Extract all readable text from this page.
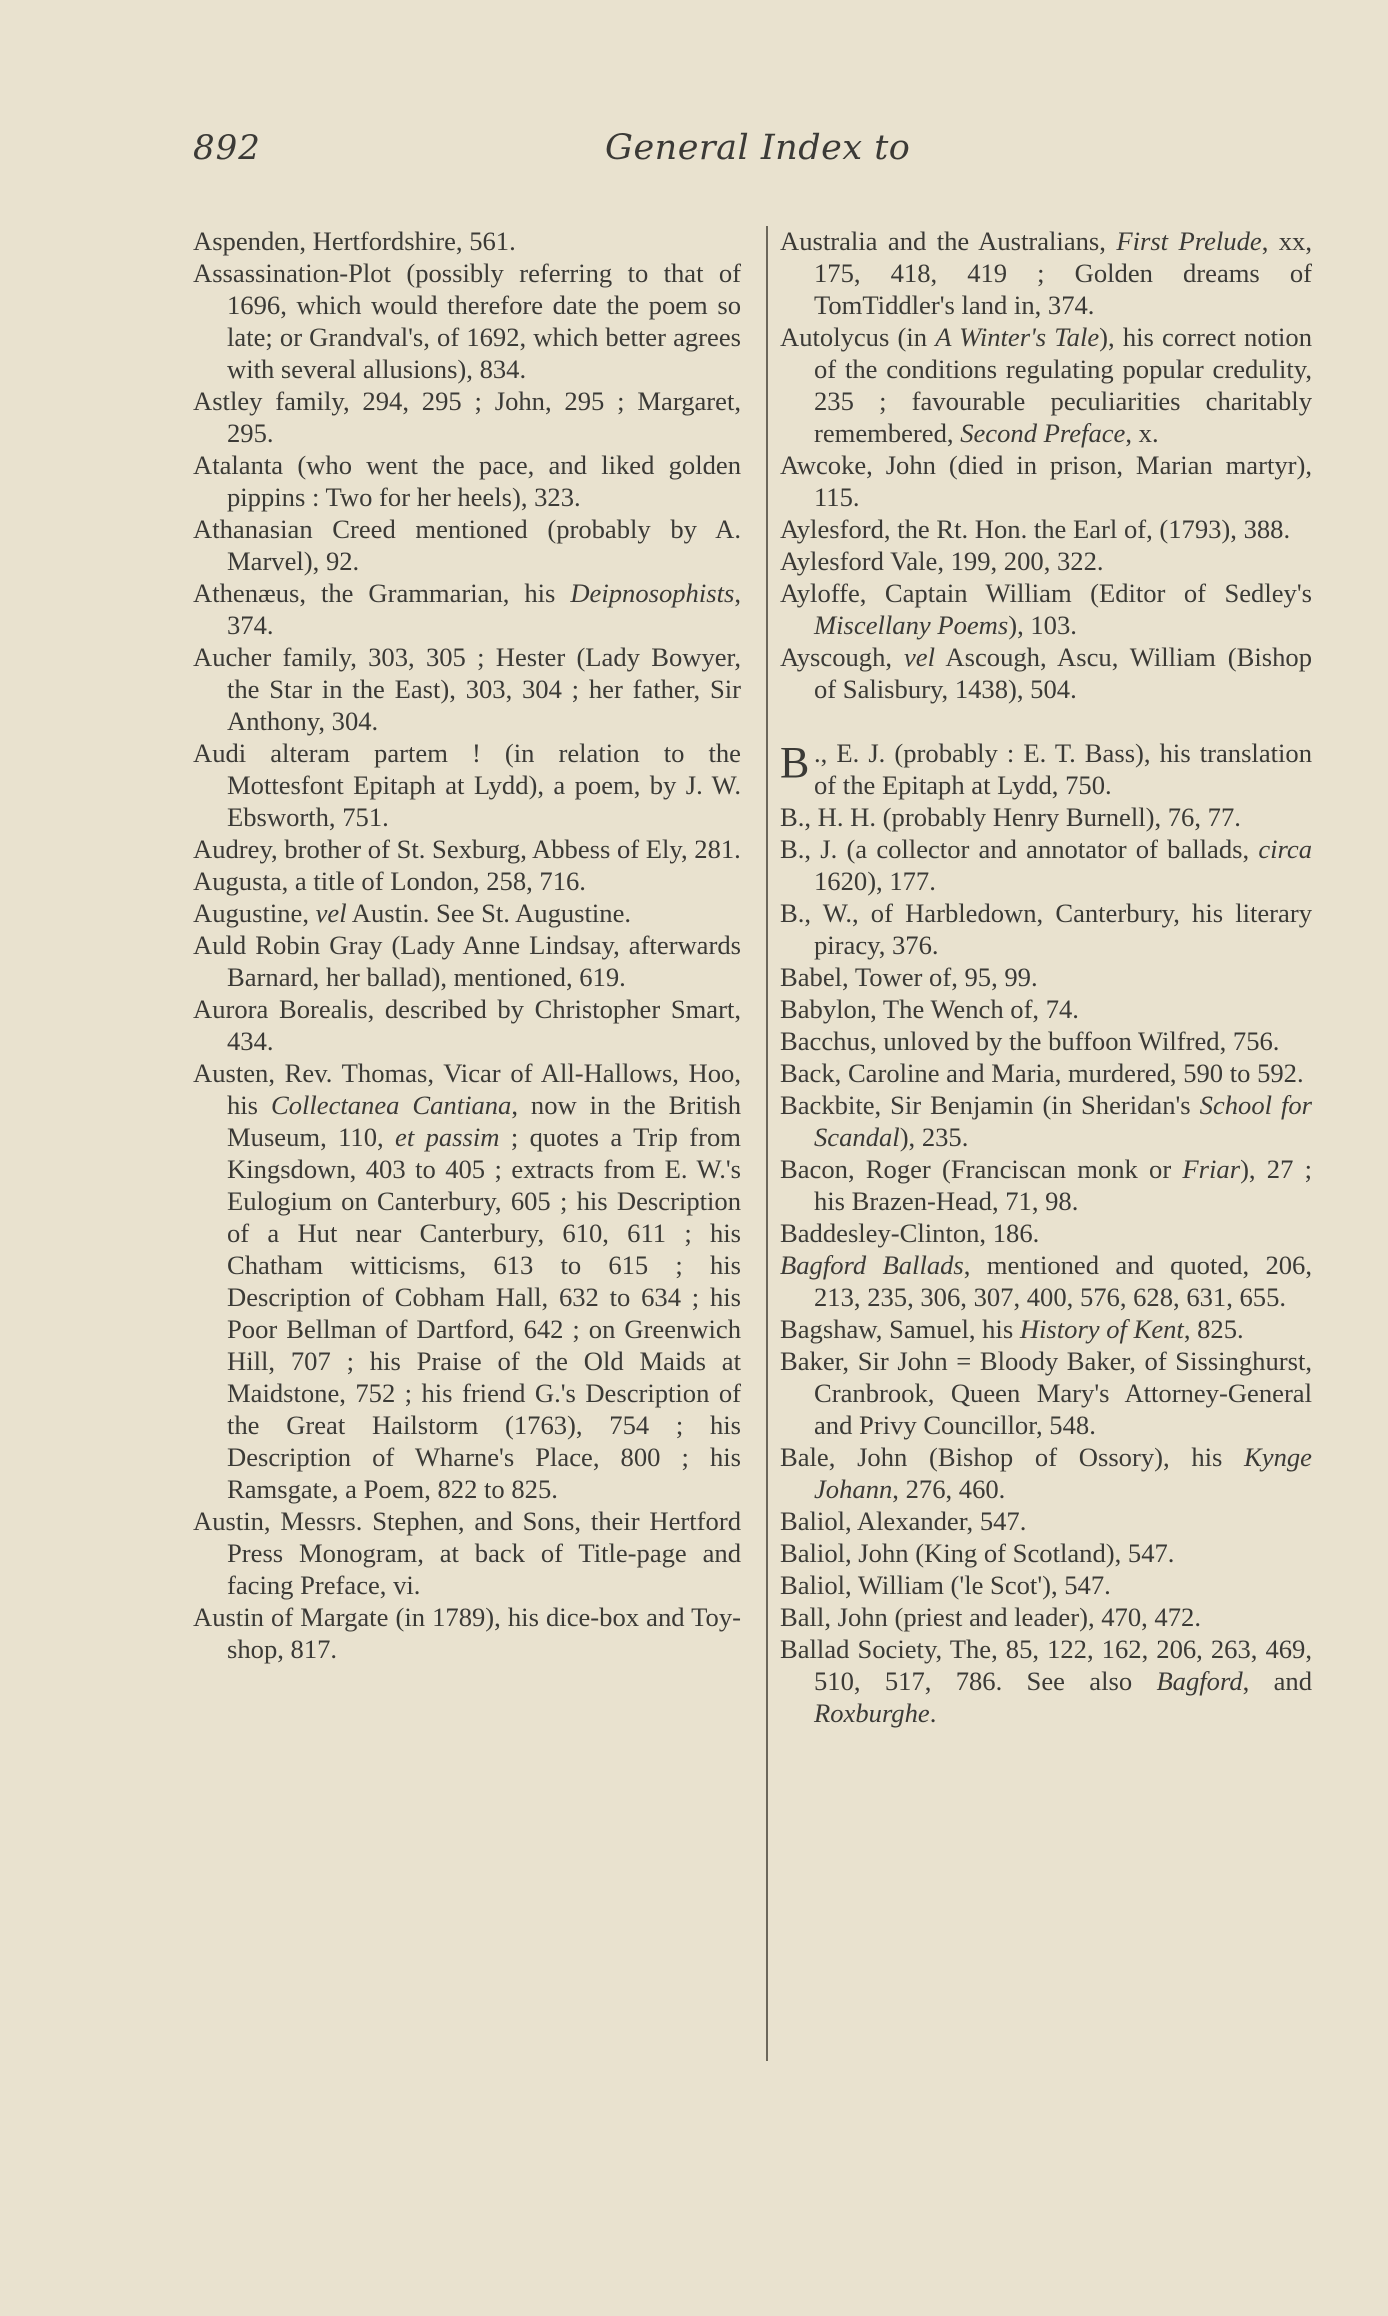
892	General Index to

Aspenden, Hertfordshire, 561.

Assassination-Plot (possibly referring to that of 1696, which would therefore date the poem so late; or Grandval's, of 1692, which better agrees with several allusions), 834.

Astley family, 294, 295 ; John, 295 ; Margaret, 295.

Atalanta (who went the pace, and liked golden pippins : Two for her heels), 323.

Athanasian Creed mentioned (probably by A. Marvel), 92.

Athenæus, the Grammarian, his Deipnosophists, 374.

Aucher family, 303, 305 ; Hester (Lady Bowyer, the Star in the East), 303, 304 ; her father, Sir Anthony, 304.

Audi alteram partem ! (in relation to the Mottesfont Epitaph at Lydd), a poem, by J. W. Ebsworth, 751.

Audrey, brother of St. Sexburg, Abbess of Ely, 281.

Augusta, a title of London, 258, 716.

Augustine, vel Austin. See St. Augustine.

Auld Robin Gray (Lady Anne Lindsay, afterwards Barnard, her ballad), mentioned, 619.

Aurora Borealis, described by Christopher Smart, 434.

Austen, Rev. Thomas, Vicar of All-Hallows, Hoo, his Collectanea Cantiana, now in the British Museum, 110, et passim ; quotes a Trip from Kingsdown, 403 to 405 ; extracts from E. W.'s Eulogium on Canterbury, 605 ; his Description of a Hut near Canterbury, 610, 611 ; his Chatham witticisms, 613 to 615 ; his Description of Cobham Hall, 632 to 634 ; his Poor Bellman of Dartford, 642 ; on Greenwich Hill, 707 ; his Praise of the Old Maids at Maidstone, 752 ; his friend G.'s Description of the Great Hailstorm (1763), 754 ; his Description of Wharne's Place, 800 ; his Ramsgate, a Poem, 822 to 825.

Austin, Messrs. Stephen, and Sons, their Hertford Press Monogram, at back of Title-page and facing Preface, vi.

Austin of Margate (in 1789), his dice-box and Toy-shop, 817.

Australia and the Australians, First Prelude, xx, 175, 418, 419 ; Golden dreams of TomTiddler's land in, 374.

Autolycus (in A Winter's Tale), his correct notion of the conditions regulating popular credulity, 235 ; favourable peculiarities charitably remembered, Second Preface, x.

Awcoke, John (died in prison, Marian martyr), 115.

Aylesford, the Rt. Hon. the Earl of, (1793), 388.

Aylesford Vale, 199, 200, 322.

Ayloffe, Captain William (Editor of Sedley's Miscellany Poems), 103.

Ayscough, vel Ascough, Ascu, William (Bishop of Salisbury, 1438), 504.

B ., E. J. (probably : E. T. Bass), his translation of the Epitaph at Lydd, 750.

B., H. H. (probably Henry Burnell), 76, 77.

B., J. (a collector and annotator of ballads, circa 1620), 177.

B., W., of Harbledown, Canterbury, his literary piracy, 376.

Babel, Tower of, 95, 99.

Babylon, The Wench of, 74.

Bacchus, unloved by the buffoon Wilfred, 756.

Back, Caroline and Maria, murdered, 590 to 592.

Backbite, Sir Benjamin (in Sheridan's School for Scandal), 235.

Bacon, Roger (Franciscan monk or Friar), 27 ; his Brazen-Head, 71, 98.

Baddesley-Clinton, 186.

Bagford Ballads, mentioned and quoted, 206, 213, 235, 306, 307, 400, 576, 628, 631, 655.

Bagshaw, Samuel, his History of Kent, 825.

Baker, Sir John = Bloody Baker, of Sissinghurst, Cranbrook, Queen Mary's Attorney-General and Privy Councillor, 548.

Bale, John (Bishop of Ossory), his Kynge Johann, 276, 460.

Baliol, Alexander, 547.

Baliol, John (King of Scotland), 547.

Baliol, William ('le Scot'), 547.

Ball, John (priest and leader), 470, 472.

Ballad Society, The, 85, 122, 162, 206, 263, 469, 510, 517, 786. See also Bagford, and Roxburghe.
